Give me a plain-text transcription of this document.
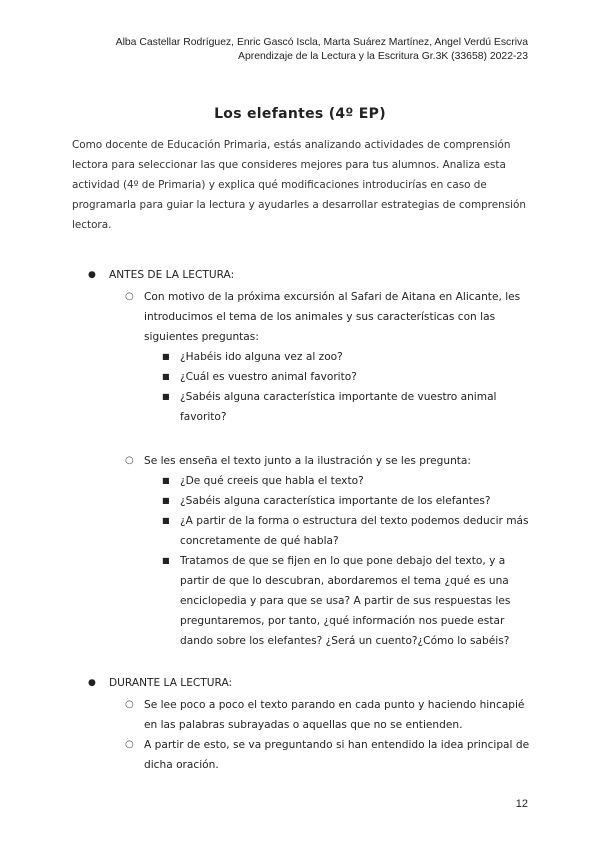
Alba Castellar Rodríguez, Enric Gascó Iscla, Marta Suárez Martínez, Angel Verdú Escriva
Aprendizaje de la Lectura y la Escritura Gr.3K (33658) 2022-23
Los elefantes (4º EP)
Como docente de Educación Primaria, estás analizando actividades de comprensión lectora para seleccionar las que consideres mejores para tus alumnos. Analiza esta actividad (4º de Primaria) y explica qué modificaciones introducirías en caso de programarla para guiar la lectura y ayudarles a desarrollar estrategias de comprensión lectora.
● ANTES DE LA LECTURA:
○ Con motivo de la próxima excursión al Safari de Aitana en Alicante, les introducimos el tema de los animales y sus características con las siguientes preguntas:
■ ¿Habéis ido alguna vez al zoo?
■ ¿Cuál es vuestro animal favorito?
■ ¿Sabéis alguna característica importante de vuestro animal favorito?
○ Se les enseña el texto junto a la ilustración y se les pregunta:
■ ¿De qué creeis que habla el texto?
■ ¿Sabéis alguna característica importante de los elefantes?
■ ¿A partir de la forma o estructura del texto podemos deducir más concretamente de qué habla?
■ Tratamos de que se fijen en lo que pone debajo del texto, y a partir de que lo descubran, abordaremos el tema ¿qué es una enciclopedia y para que se usa? A partir de sus respuestas les preguntaremos, por tanto, ¿qué información nos puede estar dando sobre los elefantes? ¿Será un cuento?¿Cómo lo sabéis?
● DURANTE LA LECTURA:
○ Se lee poco a poco el texto parando en cada punto y haciendo hincapié en las palabras subrayadas o aquellas que no se entienden.
○ A partir de esto, se va preguntando si han entendido la idea principal de dicha oración.
12
